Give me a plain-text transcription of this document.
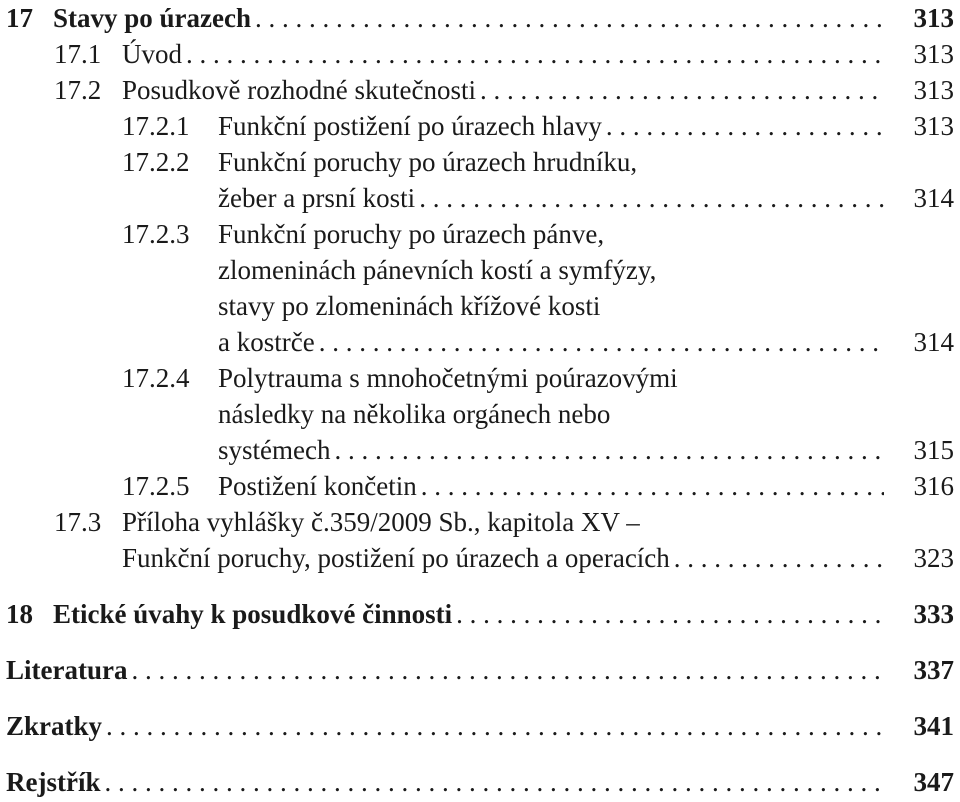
17 Stavy po úrazech . . .	313
17.1 Úvod . . .	313
17.2 Posudkově rozhodné skutečnosti . . .	313
17.2.1	Funkční postižení po úrazech hlavy . . .	313
17.2.2	Funkční poruchy po úrazech hrudníku,
žeber a prsní kosti . . .	314
17.2.3	Funkční poruchy po úrazech pánve,
zlomeninách pánevních kostí a symfýzy,
stavy po zlomeninách křížové kosti
a kostrče . . .	314
17.2.4	Polytrauma s mnohočetnými poúrazovými
následky na několika orgánech nebo
systémech . . .	315
17.2.5	Postižení končetin . . .	316
17.3 Příloha vyhlášky č.359/2009 Sb., kapitola XV –
Funkční poruchy, postižení po úrazech a operacích . . .	323
18 Etické úvahy k posudkové činnosti . . .	333
Literatura . . .	337
Zkratky . . .	341
Rejstřík . . .	347
